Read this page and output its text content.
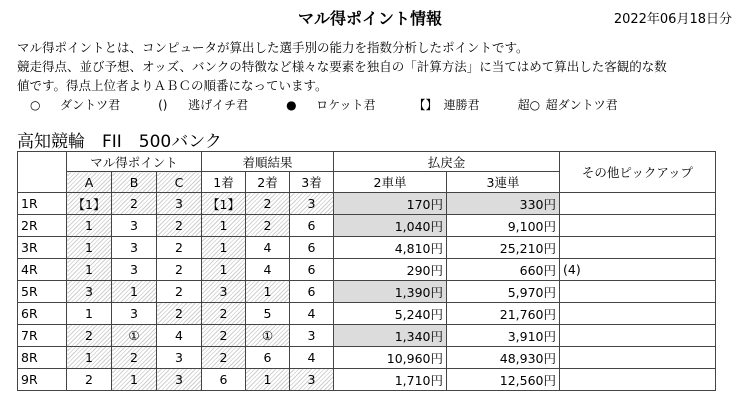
マル得ポイント情報	2022年06月18日分
マル得ポイントとは、コンピュータが算出した選手別の能力を指数分析したポイントです。
競走得点、並び予想、オッズ、バンクの特徴など様々な要素を独自の「計算方法」に当てはめて算出した客観的な数
値です。得点上位者よりＡＢＣの順番になっています。
○	ダントツ君	()	逃げイチ君	●	ロケット君	【】 連勝君	超○ 超ダントツ君
高知競輪　FII　500バンク
	マル得ポイント			着順結果			払戻金		その他ピックアップ
	A	B	C	1着	2着	3着	2車単	3連単	
1R	【1】	2	3	【1】	2	3	170円	330円	
2R	1	3	2	1	2	6	1,040円	9,100円	
3R	1	3	2	1	4	6	4,810円	25,210円	
4R	1	3	2	1	4	6	290円	660円	(4)
5R	3	1	2	3	1	6	1,390円	5,970円	
6R	1	3	2	2	5	4	5,240円	21,760円	
7R	2	①	4	2	①	3	1,340円	3,910円	
8R	1	2	3	2	6	4	10,960円	48,930円	
9R	2	1	3	6	1	3	1,710円	12,560円	
